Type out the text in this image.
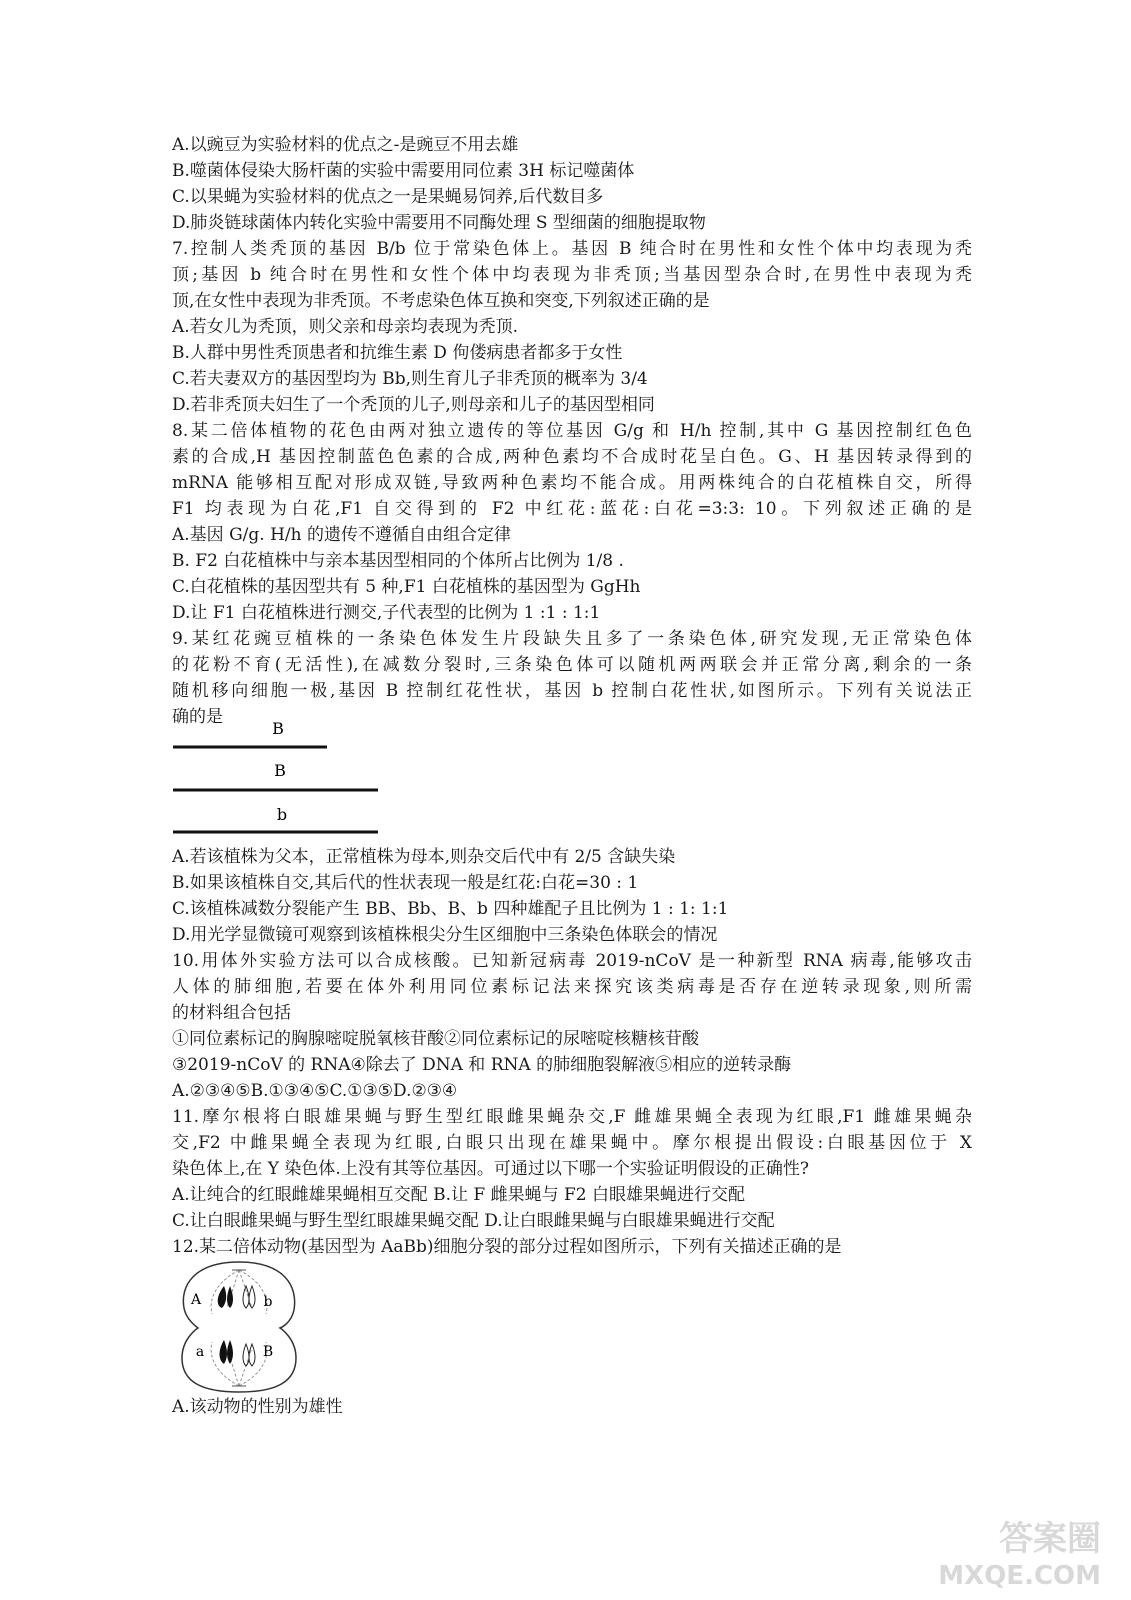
A.以豌豆为实验材料的优点之-是豌豆不用去雄
B.噬菌体侵染大肠杆菌的实验中需要用同位素 3H 标记噬菌体
C.以果蝇为实验材料的优点之一是果蝇易饲养,后代数目多
D.肺炎链球菌体内转化实验中需要用不同酶处理 S 型细菌的细胞提取物
7.控制人类秃顶的基因 B/b 位于常染色体上。基因 B 纯合时在男性和女性个体中均表现为秃
顶;基因 b 纯合时在男性和女性个体中均表现为非秃顶;当基因型杂合时,在男性中表现为秃
顶,在女性中表现为非秃顶。不考虑染色体互换和突变,下列叙述正确的是
A.若女儿为秃顶，则父亲和母亲均表现为秃顶.
B.人群中男性秃顶患者和抗维生素 D 佝偻病患者都多于女性
C.若夫妻双方的基因型均为 Bb,则生育儿子非秃顶的概率为 3/4
D.若非秃顶夫妇生了一个秃顶的儿子,则母亲和儿子的基因型相同
8.某二倍体植物的花色由两对独立遗传的等位基因 G/g 和 H/h 控制,其中 G 基因控制红色色
素的合成,H 基因控制蓝色色素的合成,两种色素均不合成时花呈白色。G、H 基因转录得到的
mRNA 能够相互配对形成双链,导致两种色素均不能合成。用两株纯合的白花植株自交，所得
F1 均表现为白花,F1 自交得到的 F2 中红花:蓝花:白花=3:3: 10。下列叙述正确的是
A.基因 G/g. H/h 的遗传不遵循自由组合定律
B. F2 白花植株中与亲本基因型相同的个体所占比例为 1/8 .
C.白花植株的基因型共有 5 种,F1 白花植株的基因型为 GgHh
D.让 F1 白花植株进行测交,子代表型的比例为 1 :1 : 1:1
9.某红花豌豆植株的一条染色体发生片段缺失且多了一条染色体,研究发现,无正常染色体
的花粉不育(无活性),在减数分裂时,三条染色体可以随机两两联会并正常分离,剩余的一条
随机移向细胞一极,基因 B 控制红花性状，基因 b 控制白花性状,如图所示。下列有关说法正
确的是
B
B
b
A.若该植株为父本，正常植株为母本,则杂交后代中有 2/5 含缺失染
B.如果该植株自交,其后代的性状表现一般是红花:白花=30 : 1
C.该植株减数分裂能产生 BB、Bb、B、b 四种雄配子且比例为 1 : 1: 1:1
D.用光学显微镜可观察到该植株根尖分生区细胞中三条染色体联会的情况
10.用体外实验方法可以合成核酸。已知新冠病毒 2019-nCoV 是一种新型 RNA 病毒,能够攻击
人体的肺细胞,若要在体外利用同位素标记法来探究该类病毒是否存在逆转录现象,则所需
的材料组合包括
①同位素标记的胸腺嘧啶脱氧核苷酸②同位素标记的尿嘧啶核糖核苷酸
③2019-nCoV 的 RNA④除去了 DNA 和 RNA 的肺细胞裂解液⑤相应的逆转录酶
A.②③④⑤B.①③④⑤C.①③⑤D.②③④
11.摩尔根将白眼雄果蝇与野生型红眼雌果蝇杂交,F 雌雄果蝇全表现为红眼,F1 雌雄果蝇杂
交,F2 中雌果蝇全表现为红眼,白眼只出现在雄果蝇中。摩尔根提出假设:白眼基因位于 X
染色体上,在 Y 染色体.上没有其等位基因。可通过以下哪一个实验证明假设的正确性?
A.让纯合的红眼雌雄果蝇相互交配 B.让 F 雌果蝇与 F2 白眼雄果蝇进行交配
C.让白眼雌果蝇与野生型红眼雄果蝇交配 D.让白眼雌果蝇与白眼雄果蝇进行交配
12.某二倍体动物(基因型为 AaBb)细胞分裂的部分过程如图所示，下列有关描述正确的是
A	b
a	B
A.该动物的性别为雄性
答案圈
MXQE.COM
